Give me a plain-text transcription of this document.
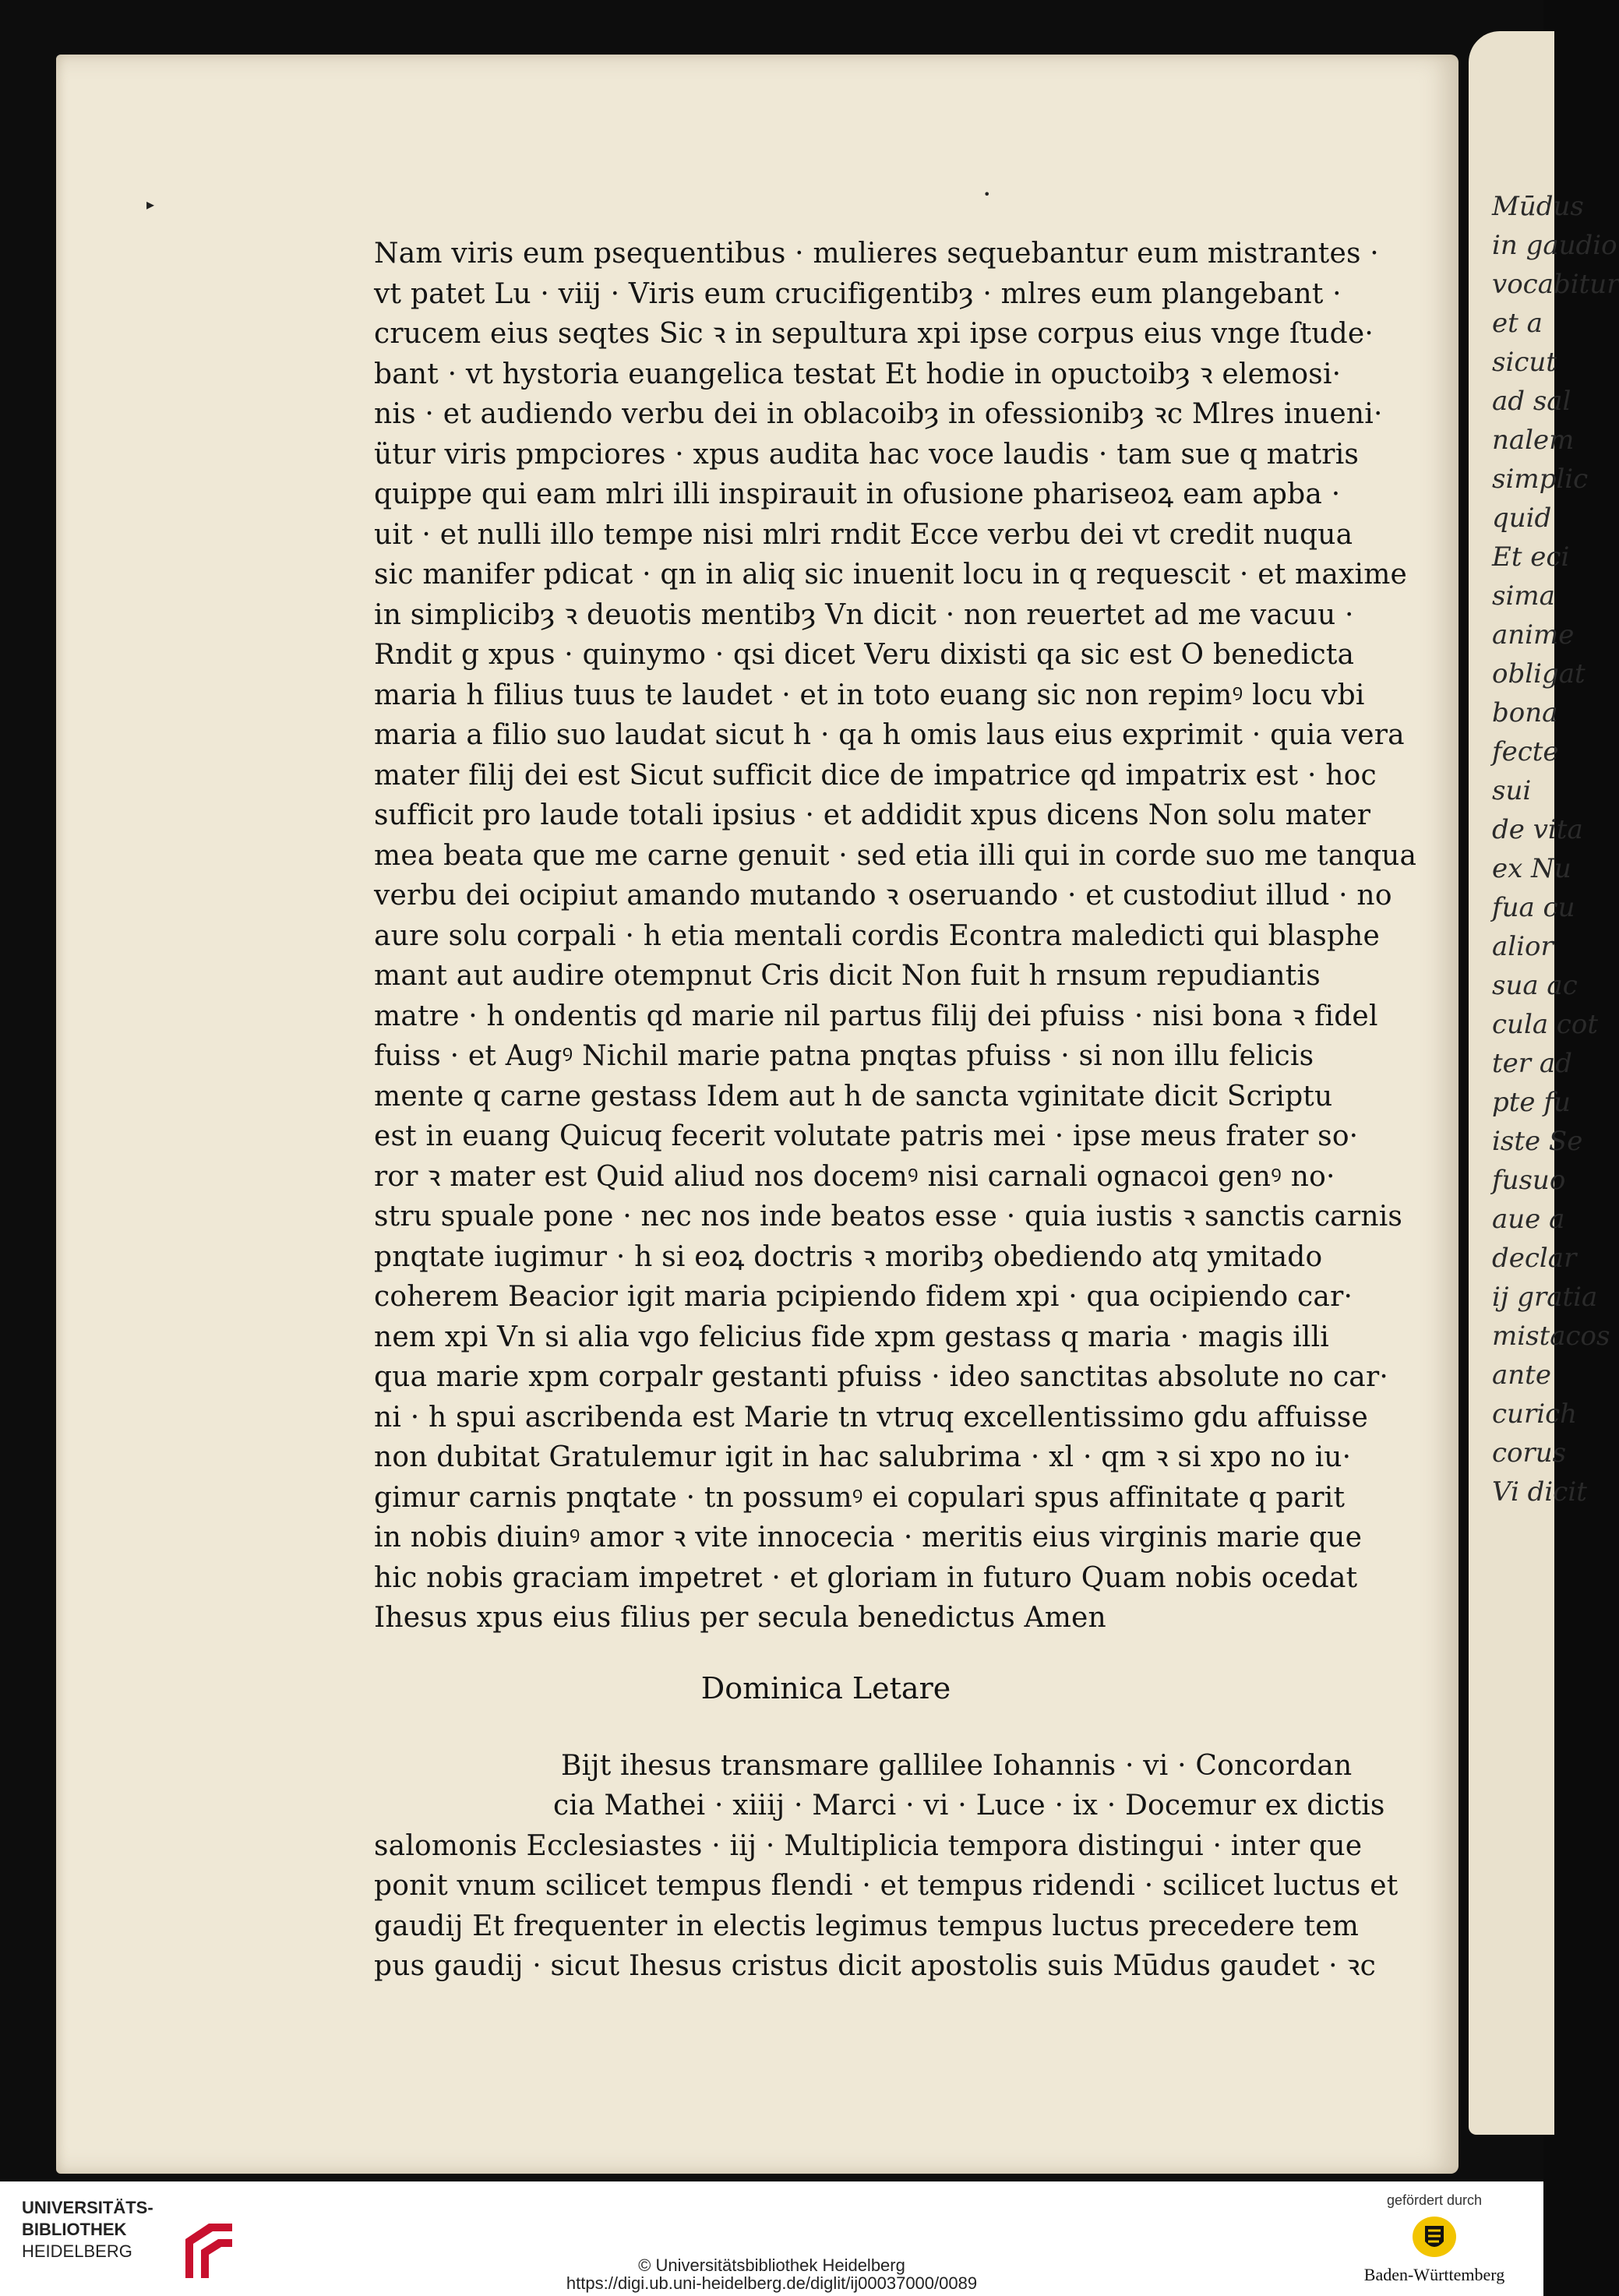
▸
•	Mūdus
in gaudio
vocabitur
et a
sicut
ad sal
nalem
simplic
quid
Et eci
sima
anime
obligat
bona
fecte
sui
de vita
ex Nu
fua cu
alior
sua ac
cula cot
ter ad
pte fu
iste Se
fusuo
aue a
declar
ij gratia
mistacos
ante
curich
corus
Vi dicit
Nam viris eum psequentibus · mulieres sequebantur eum mistrantes ·
vt patet Lu · viij · Viris eum crucifigentibȝ · mlres eum plangebant ·
crucem eius seqtes Sic ꝛ in sepultura xpi ipse corpus eius vnge ſtude·
bant · vt hystoria euangelica testat Et hodie in opuctoibȝ ꝛ elemosi·
nis · et audiendo verbu dei in oblacoibȝ in ofessionibȝ ꝛc Mlres inueni·
ütur viris pmpciores · xpus audita hac voce laudis · tam sue q matris
quippe qui eam mlri illi inspirauit in ofusione phariseoꝝ eam apba ·
uit · et nulli illo tempe nisi mlri rndit Ecce verbu dei vt credit nuqua
sic manifer pdicat · qn in aliq sic inuenit locu in q requescit · et maxime
in simplicibȝ ꝛ deuotis mentibȝ Vn dicit · non reuertet ad me vacuu ·
Rndit g xpus · quinymo · qsi dicet Veru dixisti qa sic est O benedicta
maria h filius tuus te laudet · et in toto euang sic non repimꝰ locu vbi
maria a filio suo laudat sicut h · qa h omis laus eius exprimit · quia vera
mater filij dei est Sicut sufficit dice de impatrice qd impatrix est · hoc
sufficit pro laude totali ipsius · et addidit xpus dicens Non solu mater
mea beata que me carne genuit · sed etia illi qui in corde suo me tanqua
verbu dei ocipiut amando mutando ꝛ oseruando · et custodiut illud · no
aure solu corpali · h etia mentali cordis Econtra maledicti qui blasphe
mant aut audire otempnut Cris dicit Non fuit h rnsum repudiantis
matre · h ondentis qd marie nil partus filij dei pfuiss · nisi bona ꝛ fidel
fuiss · et Augꝰ Nichil marie patna pnqtas pfuiss · si non illu felicis
mente q carne gestass Idem aut h de sancta vginitate dicit Scriptu
est in euang Quicuq fecerit volutate patris mei · ipse meus frater so·
ror ꝛ mater est Quid aliud nos docemꝰ nisi carnali ognacoi genꝰ no·
stru spuale pone · nec nos inde beatos esse · quia iustis ꝛ sanctis carnis
pnqtate iugimur · h si eoꝝ doctris ꝛ moribȝ obediendo atq ymitado
coherem Beacior igit maria pcipiendo fidem xpi · qua ocipiendo car·
nem xpi Vn si alia vgo felicius fide xpm gestass q maria · magis illi
qua marie xpm corpalr gestanti pfuiss · ideo sanctitas absolute no car·
ni · h spui ascribenda est Marie tn vtruq excellentissimo gdu affuisse
non dubitat Gratulemur igit in hac salubrima · xl · qm ꝛ si xpo no iu·
gimur carnis pnqtate · tn possumꝰ ei copulari spus affinitate q parit
in nobis diuinꝰ amor ꝛ vite innocecia · meritis eius virginis marie que
hic nobis graciam impetret · et gloriam in futuro Quam nobis ocedat
Ihesus xpus eius filius per secula benedictus Amen
Dominica Letare
Bijt ihesus transmare gallilee Iohannis · vi · Concordan
cia Mathei · xiiij · Marci · vi · Luce · ix · Docemur ex dictis
salomonis Ecclesiastes · iij · Multiplicia tempora distingui · inter que
ponit vnum scilicet tempus flendi · et tempus ridendi · scilicet luctus et
gaudij Et frequenter in electis legimus tempus luctus precedere tem
pus gaudij · sicut Ihesus cristus dicit apostolis suis Mūdus gaudet · ꝛc
UNIVERSITÄTS-
BIBLIOTHEK
HEIDELBERG
© Universitätsbibliothek Heidelberg
https://digi.ub.uni-heidelberg.de/diglit/ij00037000/0089
gefördert durch
Baden-Württemberg
